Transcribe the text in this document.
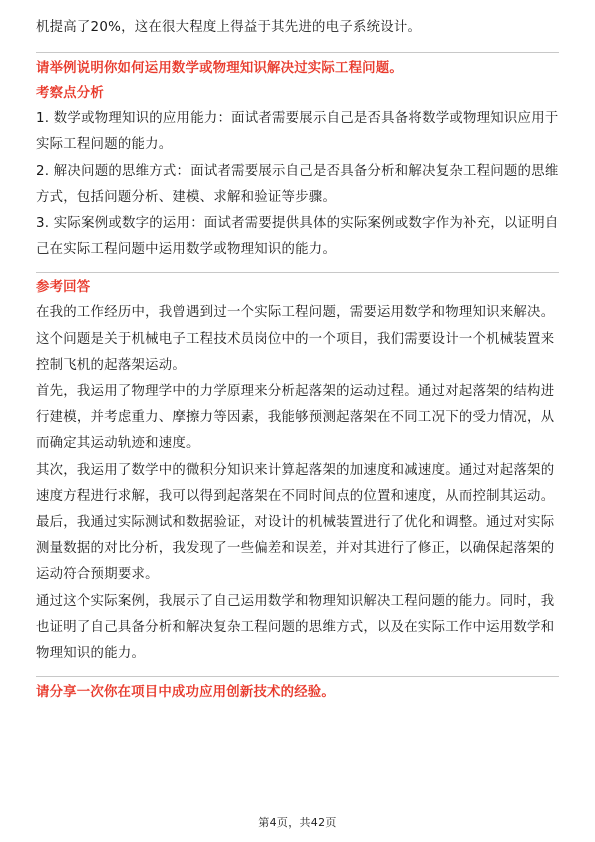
机提高了20%，这在很大程度上得益于其先进的电子系统设计。

请举例说明你如何运用数学或物理知识解决过实际工程问题。

考察点分析

1. 数学或物理知识的应用能力：面试者需要展示自己是否具备将数学或物理知识应用于实际工程问题的能力。

2. 解决问题的思维方式：面试者需要展示自己是否具备分析和解决复杂工程问题的思维方式，包括问题分析、建模、求解和验证等步骤。

3. 实际案例或数字的运用：面试者需要提供具体的实际案例或数字作为补充，以证明自己在实际工程问题中运用数学或物理知识的能力。

参考回答

在我的工作经历中，我曾遇到过一个实际工程问题，需要运用数学和物理知识来解决。这个问题是关于机械电子工程技术员岗位中的一个项目，我们需要设计一个机械装置来控制飞机的起落架运动。

首先，我运用了物理学中的力学原理来分析起落架的运动过程。通过对起落架的结构进行建模，并考虑重力、摩擦力等因素，我能够预测起落架在不同工况下的受力情况，从而确定其运动轨迹和速度。

其次，我运用了数学中的微积分知识来计算起落架的加速度和减速度。通过对起落架的速度方程进行求解，我可以得到起落架在不同时间点的位置和速度，从而控制其运动。

最后，我通过实际测试和数据验证，对设计的机械装置进行了优化和调整。通过对实际测量数据的对比分析，我发现了一些偏差和误差，并对其进行了修正，以确保起落架的运动符合预期要求。

通过这个实际案例，我展示了自己运用数学和物理知识解决工程问题的能力。同时，我也证明了自己具备分析和解决复杂工程问题的思维方式，以及在实际工作中运用数学和物理知识的能力。

请分享一次你在项目中成功应用创新技术的经验。

第4页，共42页
